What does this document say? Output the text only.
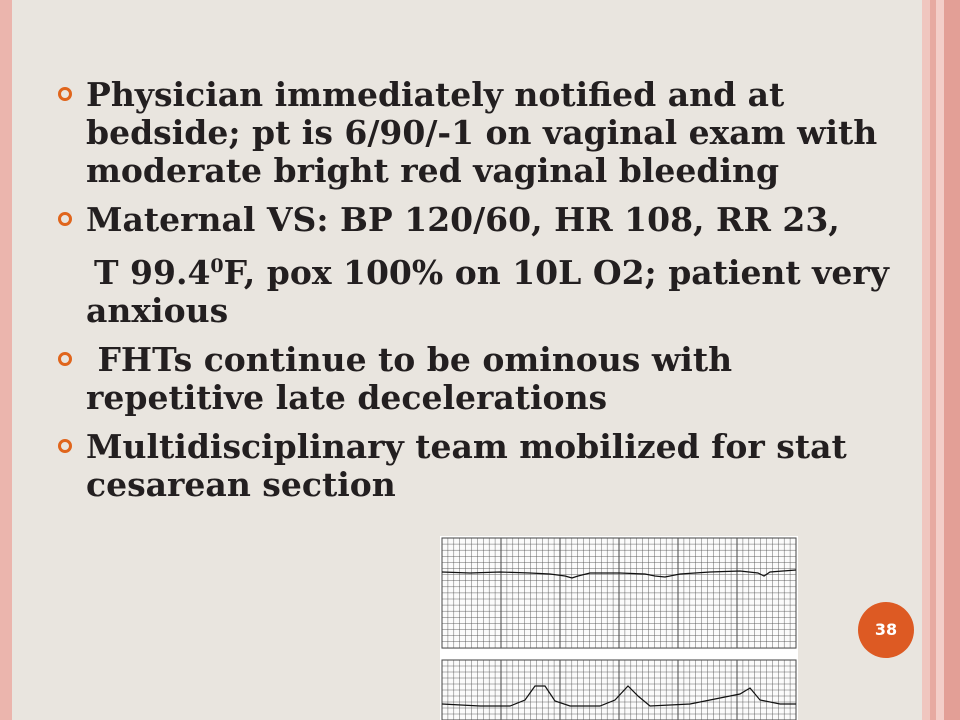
Physician immediately notified and at bedside; pt is 6/90/-1 on vaginal exam with moderate bright red vaginal bleeding
Maternal VS: BP 120/60, HR 108, RR 23,
T 99.4$^0$F, pox 100% on 10L O2; patient very anxious
FHTs continue to be ominous with repetitive late decelerations
Multidisciplinary team mobilized for stat cesarean section
38
